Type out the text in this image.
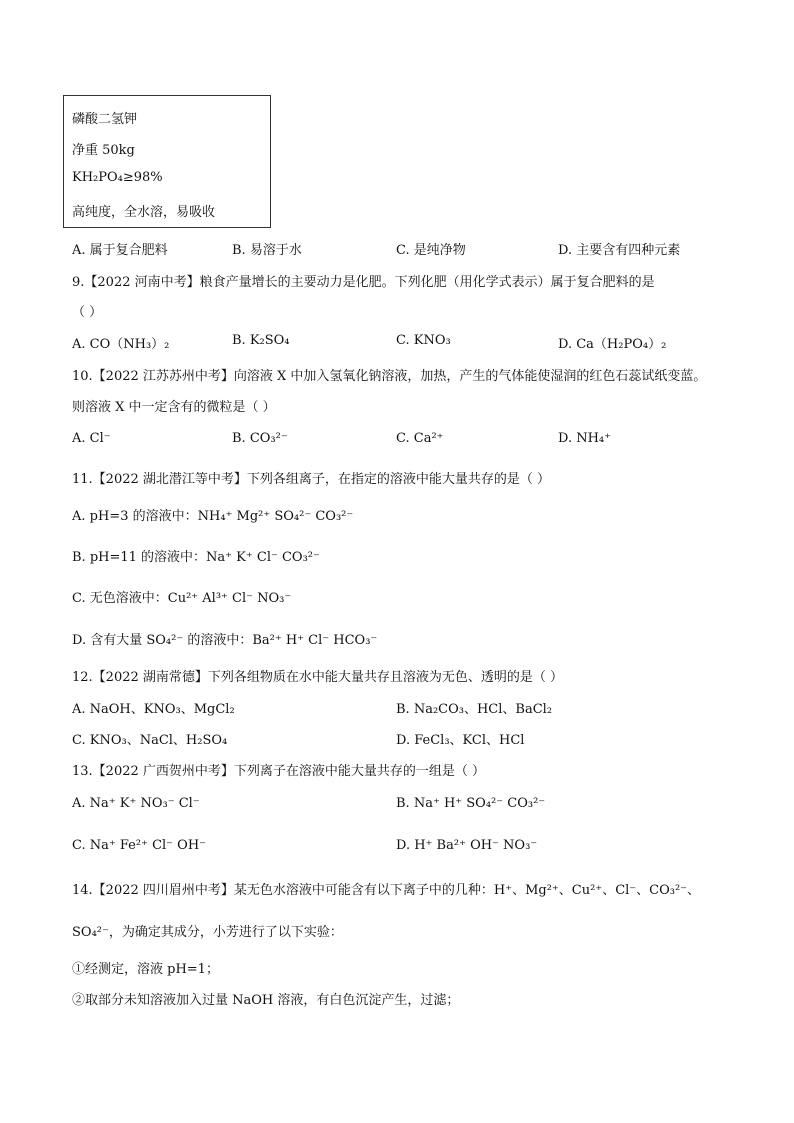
磷酸二氢钾
净重 50kg
KH₂PO₄≥98%
高纯度，全水溶，易吸收
A. 属于复合肥料	B. 易溶于水	C. 是纯净物	D. 主要含有四种元素
9.【2022 河南中考】粮食产量增长的主要动力是化肥。下列化肥（用化学式表示）属于复合肥料的是
（ ）
A. CO（NH₃）₂	B. K₂SO₄	C. KNO₃	D. Ca（H₂PO₄）₂
10.【2022 江苏苏州中考】向溶液 X 中加入氢氧化钠溶液，加热，产生的气体能使湿润的红色石蕊试纸变蓝。
则溶液 X 中一定含有的微粒是（ ）
A. Cl⁻	B. CO₃²⁻	C. Ca²⁺	D. NH₄⁺
11.【2022 湖北潜江等中考】下列各组离子，在指定的溶液中能大量共存的是（ ）
A. pH=3 的溶液中：NH₄⁺ Mg²⁺ SO₄²⁻ CO₃²⁻
B. pH=11 的溶液中：Na⁺ K⁺ Cl⁻ CO₃²⁻
C. 无色溶液中：Cu²⁺ Al³⁺ Cl⁻ NO₃⁻
D. 含有大量 SO₄²⁻ 的溶液中：Ba²⁺ H⁺ Cl⁻ HCO₃⁻
12.【2022 湖南常德】下列各组物质在水中能大量共存且溶液为无色、透明的是（ ）
A. NaOH、KNO₃、MgCl₂	B. Na₂CO₃、HCl、BaCl₂
C. KNO₃、NaCl、H₂SO₄	D. FeCl₃、KCl、HCl
13.【2022 广西贺州中考】下列离子在溶液中能大量共存的一组是（ ）
A. Na⁺ K⁺ NO₃⁻ Cl⁻	B. Na⁺ H⁺ SO₄²⁻ CO₃²⁻
C. Na⁺ Fe²⁺ Cl⁻ OH⁻	D. H⁺ Ba²⁺ OH⁻ NO₃⁻
14.【2022 四川眉州中考】某无色水溶液中可能含有以下离子中的几种：H⁺、Mg²⁺、Cu²⁺、Cl⁻、CO₃²⁻、
SO₄²⁻，为确定其成分，小芳进行了以下实验：
①经测定，溶液 pH=1；
②取部分未知溶液加入过量 NaOH 溶液，有白色沉淀产生，过滤；
